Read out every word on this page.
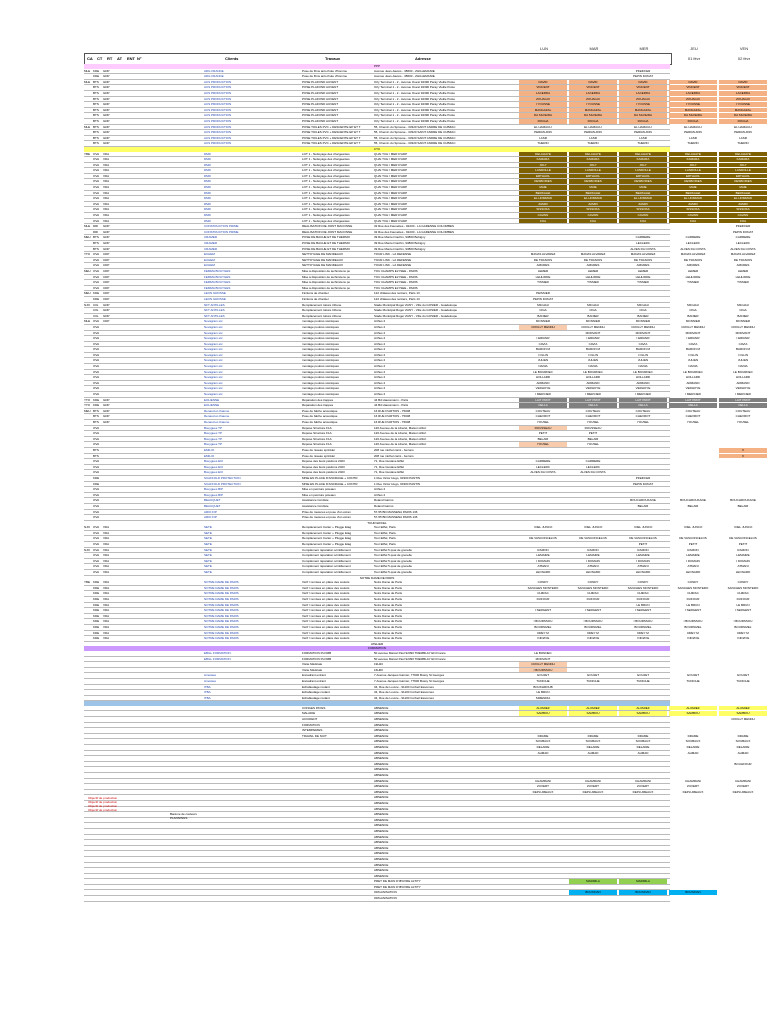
LUN	MAR	MER	JEU
01 févr
VEN
02 févr
CA CT RT AT ENT N°	Clients	Travaux	Adresse
PPP
MLE KDE	GDP	ADG FRANCE	Pose de films anti-chute d'homme	Avenue Jean-Jaurès - 38600 - ZHILLEMANIE	PFEIFFER
KDE	GDP	ADG FRANCE	Pose de films anti-chute d'homme	Avenue Jean-Jaurès - 38600 - ZHILLEMANIE	PEPIN DONAT
MLE BTS	GDP	ACS PRODUCTION	POSE PLAFOND AUVENT	Orly Terminal 1 - 2 - Avenue Ouest 94390 Paray Vieille Poste	DAVID	DAVID	DAVID	DAVID	DAVID
BTS	GDP	ACS PRODUCTION	POSE PLAFOND AUVENT	Orly Terminal 1 - 2 - Avenue Ouest 94390 Paray Vieille Poste	VINCENT	VINCENT	VINCENT	VINCENT	VINCENT
BTS	GDP	ACS PRODUCTION	POSE PLAFOND AUVENT	Orly Terminal 1 - 2 - Avenue Ouest 94390 Paray Vieille Poste	LACERDA	LACERDA	LACERDA	LACERDA	LACERDA
BTS	GDP	ACS PRODUCTION	POSE PLAFOND AUVENT	Orly Terminal 1 - 2 - Avenue Ouest 94390 Paray Vieille Poste	ZOUAGUI	ZOUAGUI	ZOUAGUI	ZOUAGUI	ZOUAGUI
BTS	GDP	ACS PRODUCTION	POSE PLAFOND AUVENT	Orly Terminal 1 - 2 - Avenue Ouest 94390 Paray Vieille Poste	I YOUSSE	I YOUSSE	I YOUSSE	I YOUSSE	I YOUSSE
BTS	GDP	ACS PRODUCTION	POSE PLAFOND AUVENT	Orly Terminal 1 - 2 - Avenue Ouest 94390 Paray Vieille Poste	MANGAZAL	MANGAZAL	MANGAZAL	MANGAZAL	MANGAZAL
BTS	GDP	ACS PRODUCTION	POSE PLAFOND AUVENT	Orly Terminal 1 - 2 - Avenue Ouest 94390 Paray Vieille Poste	DA SILVEIRA	DA SILVEIRA	DA SILVEIRA	DA SILVEIRA	DA SILVEIRA
BTS	GDP	ACS PRODUCTION	POSE PLAFOND AUVENT	Orly Terminal 1 - 2 - Avenue Ouest 94390 Paray Vieille Poste	ROCHA	ROCHA	ROCHA	ROCHA	ROCHA
MLE BTS	GDP	ACS PRODUCTION	POSE TOILES PVC + DESCENTE EP ET T	55, Chemin du Sprouse - 33320 SAINT ANDRE DE CUBZAC	EL HAMAULI	EL HAMAULI	EL HAMAULI	EL HAMAULI	EL HAMAULI
BTS	GDP	ACS PRODUCTION	POSE TOILES PVC + DESCENTE EP ET T	55, Chemin du Sprouse - 33320 SAINT ANDRE DE CUBZAC	PERRAUDIN	PERRAUDIN	PERRAUDIN	PERRAUDIN	PERRAUDIN
BTS	GDP	ACS PRODUCTION	POSE TOILES PVC + DESCENTE EP ET T	55, Chemin du Sprouse - 33320 SAINT ANDRE DE CUBZAC	LASR	LASR	LASR	LASR	LASR
BTS	GDP	ACS PRODUCTION	POSE TOILES PVC + DESCENTE EP ET T	55, Chemin du Sprouse - 33320 SAINT ANDRE DE CUBZAC	THERIN	THERIN	THERIN	THERIN	THERIN
CTU
YBE OVA	VDA	DMD	LOT 1 - Nettoyage des chargeantes	QUAI TCH / MER D'ADP	DELAHAYE	DELAHAYE	DELAHAYE	DELAHAYE	DELAHAYE
OVA	VDA	DMD	LOT 1 - Nettoyage des chargeantes	QUAI TCH / MER D'ADP	KAMARA	KAMARA	KAMARA	KAMARA	KAMARA
OVA	VDA	DMD	LOT 1 - Nettoyage des chargeantes	QUAI TCH / MER D'ADP	JOLY	JOLY	JOLY	JOLY	JOLY
OVA	VDA	DMD	LOT 1 - Nettoyage des chargeantes	QUAI TCH / MER D'ADP	LANDOLLE	LANDOLLE	LANDOLLE	LANDOLLE	LANDOLLE
OVA	VDA	DMD	LOT 1 - Nettoyage des chargeantes	QUAI TCH / MER D'ADP	ERTHAOL	ERTHAOL	ERTHAOL	ERTHAOL	ERTHAOL
OVA	VDA	DMD	LOT 1 - Nettoyage des chargeantes	QUAI TCH / MER D'ADP	DESBOIDES	DESBOIDES	DESBOIDES	DESBOIDES	DESBOIDES
OVA	VDA	DMD	LOT 1 - Nettoyage des chargeantes	QUAI TCH / MER D'ADP	MAIE	MAIE	MAIE	MAIE	MAIE
OVA	VDA	DMD	LOT 1 - Nettoyage des chargeantes	QUAI TCH / MER D'ADP	BERKALEI	BERKALEI	BERKALEI	BERKALEI	BERKALEI
OVA	VDA	DMD	LOT 1 - Nettoyage des chargeantes	QUAI TCH / MER D'ADP	EL HOMMAD	EL HOMMAD	EL HOMMAD	EL HOMMAD	EL HOMMAD
OVA	VDA	DMD	LOT 1 - Nettoyage des chargeantes	QUAI TCH / MER D'ADP	ZAMRI	ZAMRI	ZAMRI	ZAMRI	ZAMRI
OVA	VDA	DMD	LOT 1 - Nettoyage des chargeantes	QUAI TCH / MER D'ADP	SISSOKA	SISSOKA	SISSOKA	SISSOKA	SISSOKA
OVA	VDA	DMD	LOT 1 - Nettoyage des chargeantes	QUAI TCH / MER D'ADP	CAVAIN	CAVAIN	CAVAIN	CAVAIN	CAVAIN
OVA	VDA	DMD	LOT 1 - Nettoyage des chargeantes	QUAI TCH / MER D'ADP	KOA	KOA	KOA	KOA	KOA
MLE DRI	GDP	CONSTRUCTION PRIME	REALISATION DE JOINT MACONNE	32 Rue des Fauvettes - 92230 - LA GARENNE COLOMBES	PFEIFFER
DRI	GDP	CONSTRUCTION PRIME	REALISATION DE JOINT MACONNE	32 Rue des Fauvettes - 92230 - LA GARENNE COLOMBES	PEPIN DONAT
MEU BTS	GDP	CRAMER	POSE DE BACHE ET DE THERMO	39 Rue Marcel Cachin, 93800 Bobigny	CARRERE	CARRERE	CARRERE
BTS	GDP	CRAMER	POSE DE BACHE ET DE THERMO	39 Rue Marcel Cachin, 93800 Bobigny	LECLERC	LECLERC	LECLERC
BTS	GDP	CRAMER	POSE DE BACHE ET DE THERMO	39 Rue Marcel Cachin, 93800 Bobigny	ALVES DA COSTA	ALVES DA COSTA	ALVES DA COSTA
YTO OVA	CDP	ECHEM	NETTOYAGE DE MANDEAUX	TOUR LINK - LA DEFENSE	MANAS ALVAREZ	MANAS ALVAREZ	MANAS ALVAREZ	MANAS ALVAREZ	MANAS ALVAREZ
OVA	CDP	ECHEM	NETTOYAGE DE MANDEAUX	TOUR LINK - LA DEFENSE	DE TRANOIS	DE TRANOIS	DE TRANOIS	DE TRANOIS	DE TRANOIS
OVA	CDP	ECHEM	NETTOYAGE DE MANDEAUX	TOUR LINK - LA DEFENSE	AMURES	AMURES	AMURES	AMURES	AMURES
MEU OVA	CDP	FEMMA BOUYGES	Mise à disposition de techniciens po	TOU CHAMPS ELYSEE - PARIS	LEMER	LEMER	LEMER	LEMER	LEMER
OVA	CDP	FEMMA BOUYGES	Mise à disposition de techniciens po	TOU CHAMPS ELYSEE - PARIS	LEHLIDDE	LEHLIDDE	LEHLIDDE	LEHLIDDE	LEHLIDDE
OVA	CDP	FEMMA BOUYGES	Mise à disposition de techniciens po	TOU CHAMPS ELYSEE - PARIS	TISSIER	TISSIER	TISSIER	TISSIER	TISSIER
OVA	CDP	FEMMA BOUYGES	Mise à disposition de techniciens po	TOU CHAMPS ELYSEE - PARIS
MEU KDE	CDP	LEON GROSSE	Finitions de chantier	122 château des rentiers, Paris 13	PEISSIER
KDE	CDP	LEON GROSSE	Finitions de chantier	122 château des rentiers, Paris 13	PEPIN DONAT
NJO	CIG	GDP	NFT ANTILLES	Remplacement toiture tribune	Stade Municipal Roger ZANY - Ville du GOSIER - Guadeloupe	MICHAU	MICHAU	MICHAU	MICHAU	MICHAU
CIG	GDP	NFT ANTILLES	Remplacement toiture tribune	Stade Municipal Roger ZANY - Ville du GOSIER - Guadeloupe	CIGA	CIGA	CIGA	CIGA	CIGA
CIG	GDP	NFT ANTILLES	Remplacement toiture tribune	Stade Municipal Roger ZANY - Ville du GOSIER - Guadeloupe	BANIER	BANIER	BANIER	BANIER	BANIER
MLE OVA	CDP	Novagram etc	montage poutres scéniques	Arthus 2	MONNIER	MONNIER	MONNIER	MONNIER	MONNIER
OVA	Novagram etc	montage poutres scéniques	Arthus 2	CROLLT MENDH	CROLLT MENDH	CROLLT MENDH	CROLLT MENDH	CROLLT MENDH
OVA	Novagram etc	montage poutres scéniques	Arthus 2	MORVANT	MORVANT	MORVANT	MORVANT
OVA	Novagram etc	montage poutres scéniques	Arthus 2	I ERRAIR	I ERRAIR	I ERRAIR	I ERRAIR	I ERRAIR
OVA	Novagram etc	montage poutres scéniques	Arthus 2	CAVIA	CAVIA	CAVIA	CAVIA	CAVIA
OVA	Novagram etc	montage poutres scéniques	Arthus 2	BARON M	BARON M	BARON M	BARON M	BARON M
OVA	Novagram etc	montage poutres scéniques	Arthus 2	I OLLIN	I OLLIN	I OLLIN	I OLLIN	I OLLIN
OVA	Novagram etc	montage poutres scéniques	Arthus 2	JULIEN	JULIEN	JULIEN	JULIEN	JULIEN
OVA	Novagram etc	montage poutres scéniques	Arthus 2	NANIA	NANIA	NANIA	NANIA	NANIA
OVA	Novagram etc	montage poutres scéniques	Arthus 2	LE BOURDEC	LE BOURDEC	LE BOURDEC	LE BOURDEC	LE BOURDEC
OVA	Novagram etc	montage poutres scéniques	Arthus 2	HOLLARD	HOLLARD	HOLLARD	HOLLARD	HOLLARD
OVA	Novagram etc	montage poutres scéniques	Arthus 2	ARMAND	ARMAND	ARMAND	ARMAND	ARMAND
OVA	Novagram etc	montage poutres scéniques	Arthus 2	VERHOYE	VERHOYE	VERHOYE	VERHOYE	VERHOYE
OVA	Novagram etc	montage poutres scéniques	Arthus 2	I MERCIER	I MERCIER	I MERCIER	I MERCIER	I MERCIER
YTO KDE	GDP	EOLIENNE	Réparation des trappes	44 Bd Haussmann - Paris	LAIT PROT	LAIT PROT	LAIT PROT	LAIT PROT	LAIT PROT
YTO KDE	GDP	EOLIENNE	Réparation des trappes	44 Bd Haussmann - Paris	CELLA	CELLA	CELLA	CELLA	CELLA
MEU BTS	GDP	Renaud et chaume	Pose de bâche acoustique	16 RUE D'ARTOIS - 75008	COUTEAU	COUTEAU	COUTEAU	COUTEAU	COUTEAU
BTS	GDP	Renaud et chaume	Pose de bâche acoustique	16 RUE D'ARTOIS - 75008	CHEVROT	CHEVROT	CHEVROT	CHEVROT	CHEVROT
BTS	GDP	Renaud et chaume	Pose de bâche acoustique	16 RUE D'ARTOIS - 75008	YOUSEL	YOUSEL	YOUSEL	YOUSEL	YOUSEL
OVA	Bouygues TP	Dépose Structure F1A	120 Avenue de la Liberté, Maison Alfort	ROUSSEAU	ROUSSEAU
OVA	Bouygues TP	Dépose Structure F1A	120 Avenue de la Liberté, Maison Alfort	PETIT	PETIT
OVA	Bouygues TP	Dépose Structure F1A	120 Avenue de la Liberté, Maison Alfort	BELAIR	BELAIR
OVA	Bouygues TP	Dépose Structure F1A	120 Avenue de la Liberté, Maison Alfort	YOUSEL	YOUSEL
BTS	EMILIO	Pose de réseau sprinkler	208 rue michel carré - bezons	X
BTS	EMILIO	Pose de réseau sprinkler	208 rue michel carré - bezons	X
OVA	Bouygues ECI	Dépose des feuts pavilons 2023	71, Rue Gustave Eiffel	CARRERE	CARRERE
OVA	Bouygues ECI	Dépose des feuts pavilons 2023	71, Rue Gustave Eiffel	LECLERC	LECLERC
OVA	Bouygues ECI	Dépose des feuts pavilons 2023	71, Rue Gustave Eiffel	ALVES DA COSTA	ALVES DA COSTA
KDE	SCAFFOLD PROTECTION	MISE EN PLACE D'ANCRAGE + CONTR	1 Rue Victor Hugo, 93300 PANTIN	PFEIFFER
KDE	SCAFFOLD PROTECTION	MISE EN PLACE D'ANCRAGE + CONTR	1 Rue Victor Hugo, 93300 PANTIN	PEPIN DONAT
OVA	Bouygues BIP	Mise en peinture poteaux	Arthus 2
OVA	Bouygues BIP	Mise en peinture poteaux	Arthus 2
OVA	BEAUQUET	Assistance Cordiste	Roland Garros	BOUCHROUKANE	BOUCHROUKANE	BOUCHROUKANE
OVA	BEAUQUET	Assistance Cordiste	Roland Garros	BELAIR	BELAIR	BELAIR
OVA	ARIO FIP	Prise de mesures et pose d'un écran	57-55 BD MASSENA PARIS 136
OVA	ARIO FIP	Prise de mesures et pose d'un écran	57-55 BD MASSENA PARIS 136
TOUR EIFFEL
NJO	OVA	VDA	SETE	Remplacement Carter + Plugge Etag	Tour Eiffel, Paris	I DEL JUNCO	I DEL JUNCO	I DEL JUNCO	I DEL JUNCO	I DEL JUNCO
OVA	VDA	SETE	Remplacement Carter + Plugge Etag	Tour Eiffel, Paris
OVA	VDA	SETE	Remplacement Carter + Plugge Etag	Tour Eiffel, Paris	DE VASCONCELOS	DE VASCONCELOS	DE VASCONCELOS	DE VASCONCELOS	DE VASCONCELOS
OVA	VDA	SETE	Remplacement Carter + Plugge Etag	Tour Eiffel, Paris	PETIT	PETIT	PETIT
NJO	OVA	VDA	SETE	Complément réparation scintillement	Tour Eiffel 5 quai de grenelle	RAMON	RAMON	RAMON	RAMON	RAMON
OVA	VDA	SETE	Complément réparation scintillement	Tour Eiffel 5 quai de grenelle	LEMAIRE	LEMAIRE	LEMAIRE	LEMAIRE	LEMAIRE
OVA	VDA	SETE	Complément réparation scintillement	Tour Eiffel 5 quai de grenelle	I DOMAIN	I DOMAIN	I DOMAIN	I DOMAIN	I DOMAIN
OVA	VDA	SETE	Complément réparation scintillement	Tour Eiffel 5 quai de grenelle	ATMANI	ATMANI	ATMANI	ATMANI	ATMANI
OVA	VDA	SETE	Complément réparation scintillement	Tour Eiffel 5 quai de grenelle	LEONARD	LEONARD	LEONARD	LEONARD	LEONARD
NOTRE DAME DE PARIS
YBE KDE	VDA	NOTRE DAME DE PARIS	Vérif / remises en place des coulots	Notre Dame de Paris	CONDY	CONDY	CONDY	CONDY	CONDY
KDE	VDA	NOTRE DAME DE PARIS	Vérif / remises en place des coulots	Notre Dame de Paris	SANCHES MONTERO	SANCHES MONTERO	SANCHES MONTERO	SANCHES MONTERO	SANCHES MONTERO
KDE	VDA	NOTRE DAME DE PARIS	Vérif / remises en place des coulots	Notre Dame de Paris	CHIRAC	CHIRAC	CHIRAC	CHIRAC	CHIRAC
KDE	VDA	NOTRE DAME DE PARIS	Vérif / remises en place des coulots	Notre Dame de Paris	DUFOUR	DUFOUR	DUFOUR	DUFOUR	DUFOUR
KDE	VDA	NOTRE DAME DE PARIS	Vérif / remises en place des coulots	Notre Dame de Paris	LE BRUN	LE BRUN	LE BRUN
KDE	VDA	NOTRE DAME DE PARIS	Vérif / remises en place des coulots	Notre Dame de Paris	I SERGENT	I SERGENT	I SERGENT	I SERGENT	I SERGENT
KDE	VDA	NOTRE DAME DE PARIS	Vérif / remises en place des coulots	Notre Dame de Paris
KDE	VDA	NOTRE DAME DE PARIS	Vérif / remises en place des coulots	Notre Dame de Paris	I BOURSSOU	I BOURSSOU	I BOURSSOU	I BOURSSOU	I BOURSSOU
KDE	VDA	NOTRE DAME DE PARIS	Vérif / remises en place des coulots	Notre Dame de Paris	BOURNIZEL	BOURNIZEL	BOURNIZEL	BOURNIZEL	BOURNIZEL
KDE	VDA	NOTRE DAME DE PARIS	Vérif / remises en place des coulots	Notre Dame de Paris	DREY M	DREY M	DREY M	DREY M	DREY M
KDE	VDA	NOTRE DAME DE PARIS	Vérif / remises en place des coulots	Notre Dame de Paris	I NDIAYE	I NDIAYE	I NDIAYE	I NDIAYE	I NDIAYE
ATELIER
FORMATION
EBILL FORMATION	FORMATION PLOMB	50 avenue Marcel Paul 92390 TREMBLAY EN France	LE BONNEC
EBILL FORMATION	FORMATION PLOMB	50 avenue Marcel Paul 92390 TREMBLAY EN France	MORVANT
Visite Médicale	19H43	CROLLT MENDH
Visite Médicale	16H00	I BOURSSOU
Amostea	Encadrant entrant	7 Avenue Jacques Garnier, 77600 Bussy St Georges	GOUJET	GOUJET	GOUJET	GOUJET	GOUJET
Amostea	Encadrant entrant	7 Avenue Jacques Garnier, 77600 Bussy St Georges	TUDICHE	TUDICHE	TUDICHE	TUDICHE	TUDICHE
ITBA	Echafaudage roulant	34, Rue de Louvre - 91100 Corbeil Essonnes	BOUKHROUB
ITBA	Echafaudage roulant	34, Rue de Louvre - 91100 Corbeil Essonnes	LE BRUN
ITBA	Echafaudage roulant	34, Rue de Louvre - 91100 Corbeil Essonnes	SIMENDIA
CONGES PAYES	ABSENCE	ALVAREZ	ALVAREZ	ALVAREZ	ALVAREZ	ALVAREZ
MALADIE	ABSENCE	SAMBOU	SAMBOU	SAMBOU	SAMBOU	SAMBOU
ACCIDENT	ABSENCE	CROLLT MENDH
FORMATION	ABSENCE
INTEMPERIES	ABSENCE
TRAVAIL DE NUIT	ABSENCE	DRAME	DRAME	DRAME	DRAME	DRAME
ABSENCE	SOUBAUX	SOUBAUX	SOUBAUX	SOUBAUX	SOUBAUX
ABSENCE	DELAIRE	DELAIRE	DELAIRE	DELAIRE	DELAIRE
ABSENCE	AHMAD	AHMAD	AHMAD	AHMAD	AHMAD
ABSENCE
ABSENCE	BOUHFOUR
ABSENCE
ABSENCE
ABSENCE	CHAMRANI	CHAMRANI	CHAMRANI	CHAMRANI	CHAMRANI
ABSENCE	ZUVERT	ZUVERT	ZUVERT	ZUVERT	ZUVERT
ABSENCE	DEPLUMEAUX	DEPLUMEAUX	DEPLUMEAUX	DEPLUMEAUX	DEPLUMEAUX
ABSENCE
ABSENCE
ABSENCE
ABSENCE
ABSENCE
ABSENCE
ABSENCE
ABSENCE
ABSENCE
ABSENCE
ABSENCE
ABSENCE
ABSENCE
ABSENCE
ABSENCE
PRET DE MAIN D'ŒUVRE ALTITY	MARIMLA	MARIMLA
PRET DE MAIN D'ŒUVRE ALTITY
ORGANISATION	BOUSFIAN	BOUSFIAN	BOUSFIAN
ORGANISATION
Objectif de production
Objectif de production
Objectif de production
Objectif de production
Barème de couleurs PLANNINGS
